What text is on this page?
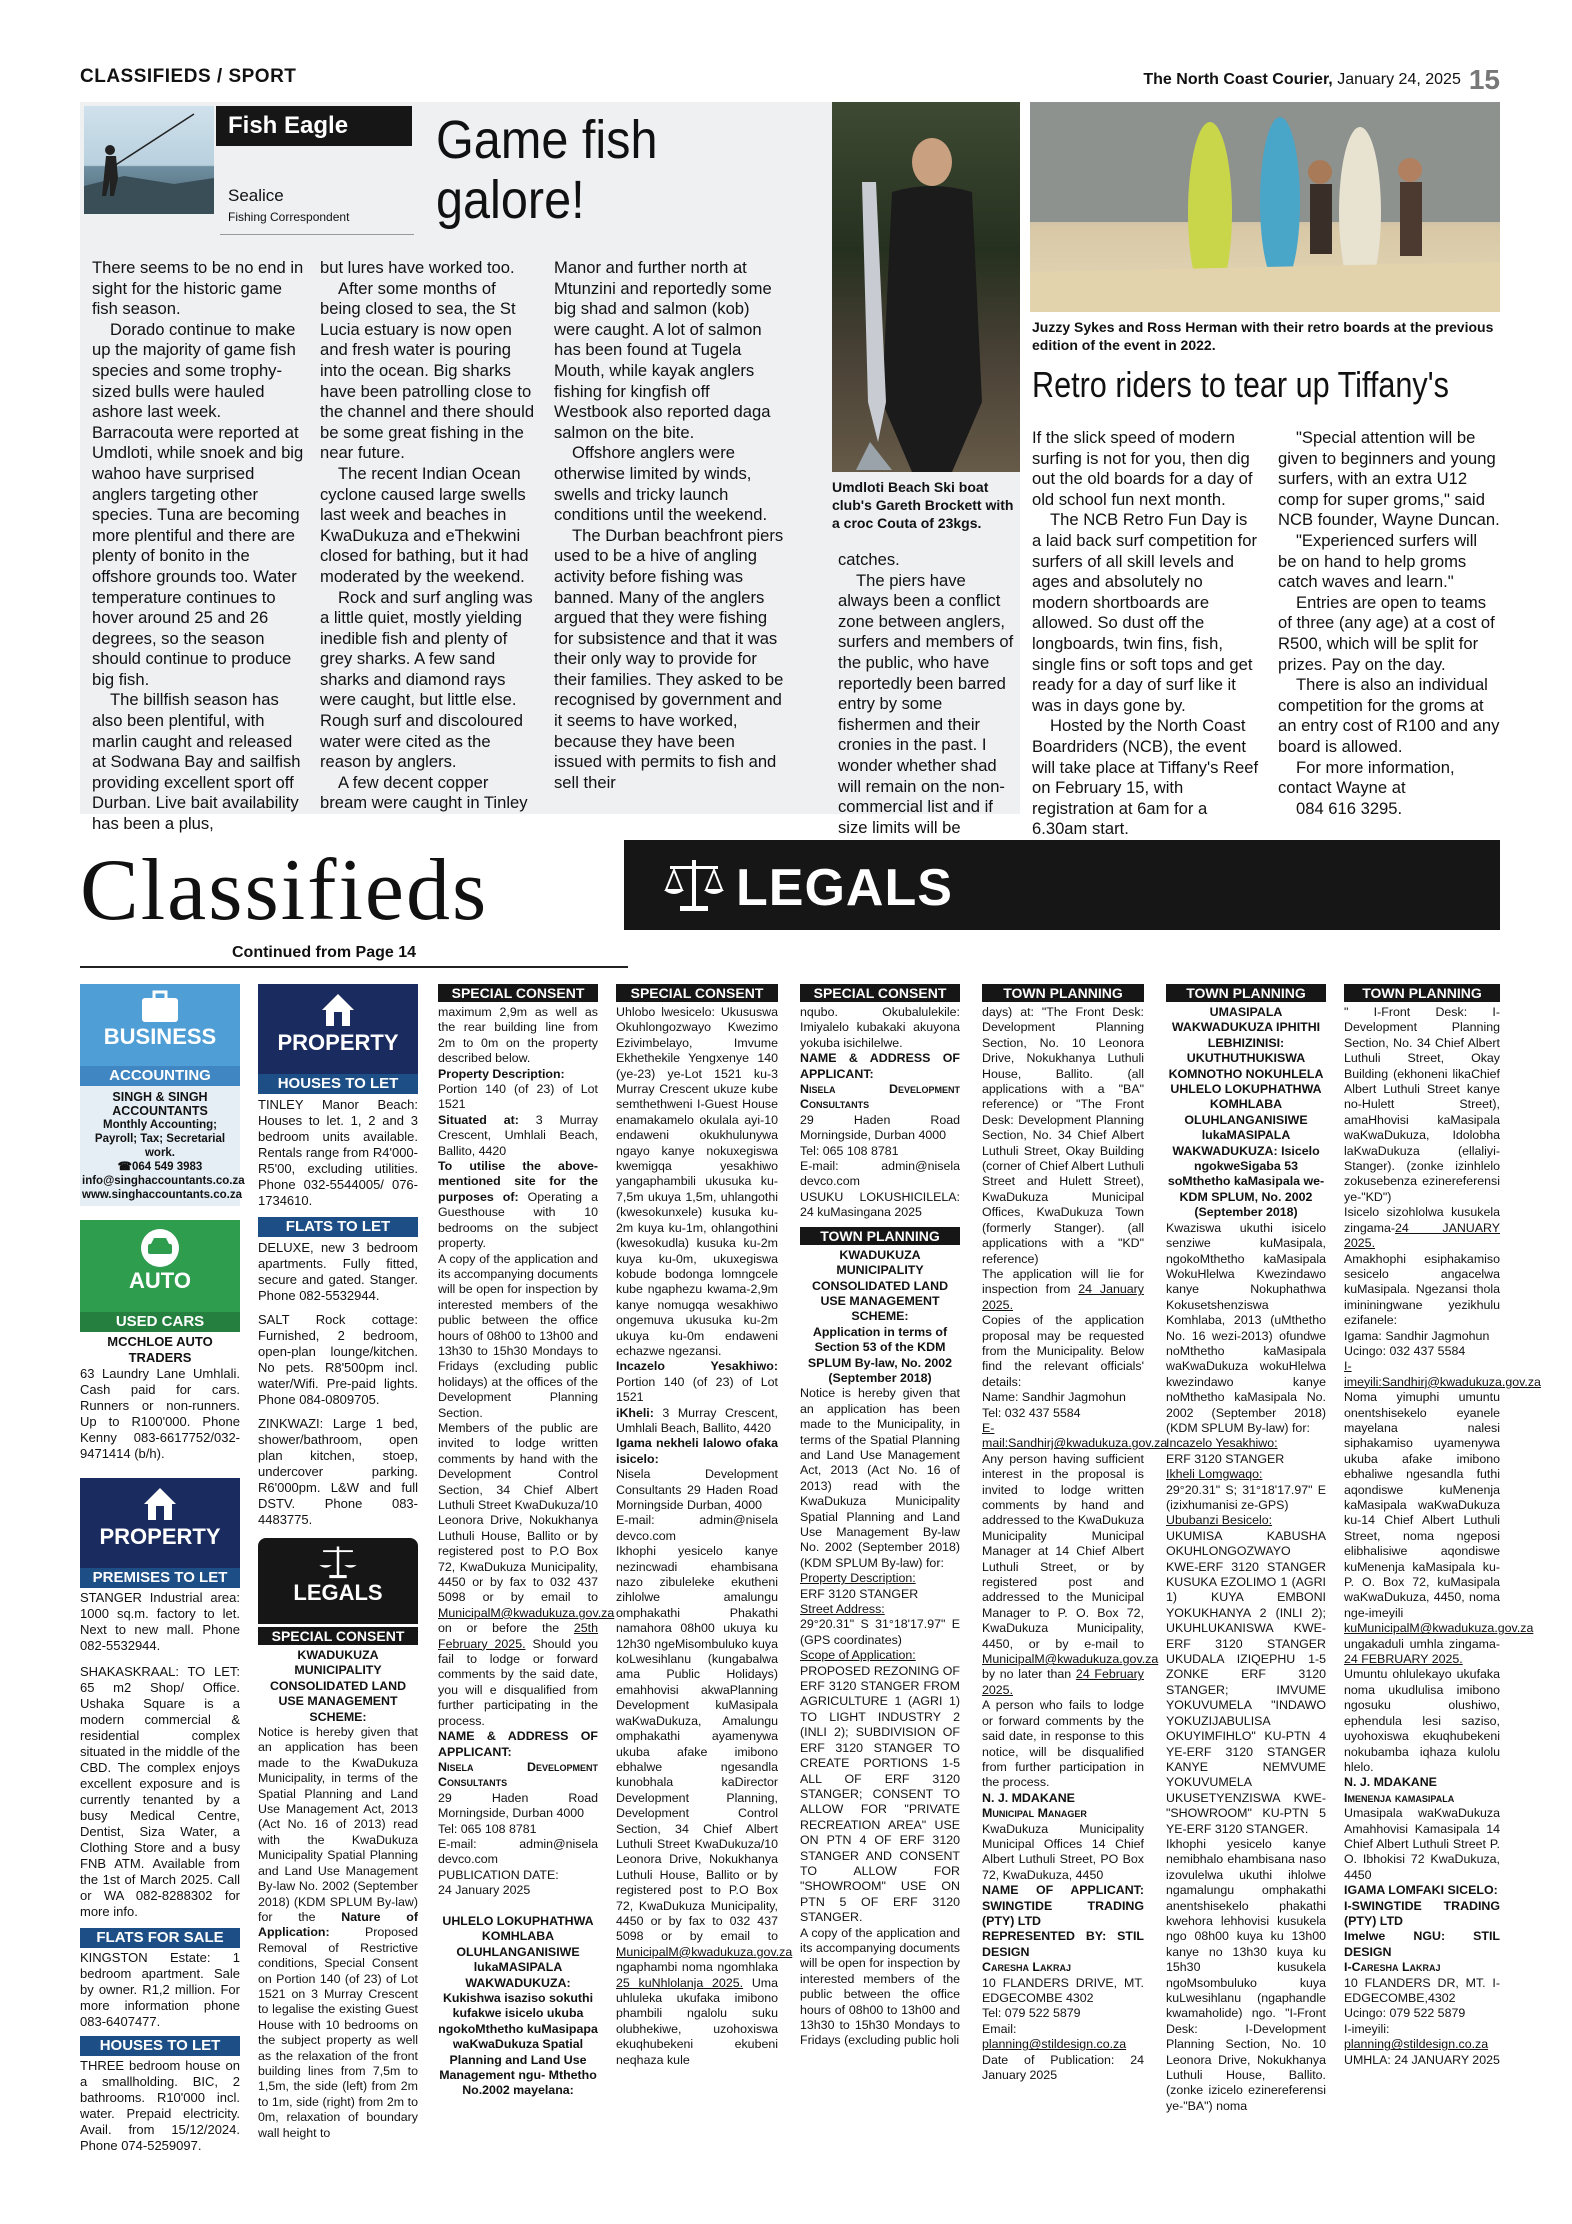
CLASSIFIEDS / SPORT	The North Coast Courier, January 24, 2025 15
Fish Eagle
Sealice
Fishing Correspondent
Game fish
galore!

There seems to be no end in sight for the historic game fish season.

Dorado continue to make up the majority of game fish species and some trophy-sized bulls were hauled ashore last week. Barracouta were reported at Umdloti, while snoek and big wahoo have surprised anglers targeting other species. Tuna are becoming more plentiful and there are plenty of bonito in the offshore grounds too. Water temperature continues to hover around 25 and 26 degrees, so the season should continue to produce big fish.

The billfish season has also been plentiful, with marlin caught and released at Sodwana Bay and sailfish providing excellent sport off Durban. Live bait availability has been a plus,

but lures have worked too.

After some months of being closed to sea, the St Lucia estuary is now open and fresh water is pouring into the ocean. Big sharks have been patrolling close to the channel and there should be some great fishing in the near future.

The recent Indian Ocean cyclone caused large swells last week and beaches in KwaDukuza and eThekwini closed for bathing, but it had moderated by the weekend.

Rock and surf angling was a little quiet, mostly yielding inedible fish and plenty of grey sharks. A few sand sharks and diamond rays were caught, but little else. Rough surf and discoloured water were cited as the reason by anglers.

A few decent copper bream were caught in Tinley

Manor and further north at Mtunzini and reportedly some big shad and salmon (kob) were caught. A lot of salmon has been found at Tugela Mouth, while kayak anglers fishing for kingfish off Westbook also reported daga salmon on the bite.

Offshore anglers were otherwise limited by winds, swells and tricky launch conditions until the weekend.

The Durban beachfront piers used to be a hive of angling activity before fishing was banned. Many of the anglers argued that they were fishing for subsistence and that it was their only way to provide for their families. They asked to be recognised by government and it seems to have worked, because they have been issued with permits to fish and sell their

Umdloti Beach Ski boat club's Gareth Brockett with a croc Couta of 23kgs.

catches.

The piers have always been a conflict zone between anglers, surfers and members of the public, who have reportedly been barred entry by some fishermen and their cronies in the past. I wonder whether shad will remain on the non-commercial list and if size limits will be

Juzzy Sykes and Ross Herman with their retro boards at the previous edition of the event in 2022.
Retro riders to tear up Tiffany's

If the slick speed of modern surfing is not for you, then dig out the old boards for a day of old school fun next month.

The NCB Retro Fun Day is a laid back surf competition for surfers of all skill levels and ages and absolutely no modern shortboards are allowed. So dust off the longboards, twin fins, fish, single fins or soft tops and get ready for a day of surf like it was in days gone by.

Hosted by the North Coast Boardriders (NCB), the event will take place at Tiffany's Reef on February 15, with registration at 6am for a 6.30am start.

"Special attention will be given to beginners and young surfers, with an extra U12 comp for super groms," said NCB founder, Wayne Duncan.

"Experienced surfers will be on hand to help groms catch waves and learn."

Entries are open to teams of three (any age) at a cost of R500, which will be split for prizes. Pay on the day.

There is also an individual competition for the groms at an entry cost of R100 and any board is allowed.

For more information, contact Wayne at

084 616 3295.

Classifieds
Continued from Page 14
LEGALS
BUSINESS
ACCOUNTING
SINGH & SINGH ACCOUNTANTS
Monthly Accounting; Payroll; Tax; Secretarial work.
☎064 549 3983
info@singhaccountants.co.za
www.singhaccountants.co.za
AUTO
USED CARS
MCCHLOE AUTO TRADERS
63 Laundry Lane Umhlali. Cash paid for cars. Runners or non-runners. Up to R100'000. Phone Kenny 083-6617752/032-9471414 (b/h).
PROPERTY
PREMISES TO LET

STANGER Industrial area: 1000 sq.m. factory to let. Next to new mall. Phone 082-5532944.

SHAKASKRAAL: TO LET: 65 m2 Shop/ Office. Ushaka Square is a modern commercial & residential complex situated in the middle of the CBD. The complex enjoys excellent exposure and is currently tenanted by a busy Medical Centre, Dentist, Siza Water, a Clothing Store and a busy FNB ATM. Available from the 1st of March 2025. Call or WA 082-8288302 for more info.

FLATS FOR SALE
KINGSTON Estate: 1 bedroom apartment. Sale by owner. R1,2 million. For more information phone 083-6407477.
HOUSES TO LET
THREE bedroom house on a smallholding. BIC, 2 bathrooms. R10'000 incl. water. Prepaid electricity. Avail. from 15/12/2024. Phone 074-5259097.
PROPERTY
HOUSES TO LET
TINLEY Manor Beach: Houses to let. 1, 2 and 3 bedroom units available. Rentals range from R4'000-R5'00, excluding utilities. Phone 032-5544005/ 076-1734610.
FLATS TO LET
DELUXE, new 3 bedroom apartments. Fully fitted, secure and gated. Stanger. Phone 082-5532944.
SALT Rock cottage: Furnished, 2 bedroom, open-plan lounge/kitchen. No pets. R8'500pm incl. water/Wifi. Pre-paid lights. Phone 084-0809705.
ZINKWAZI: Large 1 bed, shower/bathroom, open plan kitchen, stoep, undercover parking. R6'000pm. L&W and full DSTV. Phone 083-4483775.
LEGALS
SPECIAL CONSENT
KWADUKUZA MUNICIPALITY CONSOLIDATED LAND USE MANAGEMENT SCHEME:
Notice is hereby given that an application has been made to the KwaDukuza Municipality, in terms of the Spatial Planning and Land Use Management Act, 2013 (Act No. 16 of 2013) read with the KwaDukuza Municipality Spatial Planning and Land Use Management By-law No. 2002 (September 2018) (KDM SPLUM By-law) for the Nature of Application:	Proposed Removal of Restrictive conditions, Special Consent on Portion 140 (of 23) of Lot 1521 on 3 Murray Crescent to legalise the existing Guest House with 10 bedrooms on the subject property as well as the relaxation of the front building lines from 7,5m to 1,5m, the side (left) from 2m to 1m, side (right) from 2m to 0m, relaxation of boundary wall height to
SPECIAL CONSENT
maximum 2,9m as well as the rear building line from 2m to 0m on the property described below.
Property Description:
Portion 140 (of 23) of Lot 1521
Situated at: 3 Murray Crescent, Umhlali Beach, Ballito, 4420
To utilise the above-mentioned site for the purposes of: Operating a Guesthouse with 10 bedrooms on the subject property.
A copy of the application and its accompanying documents will be open for inspection by interested members of the public between the office hours of 08h00 to 13h00 and 13h30 to 15h30 Mondays to Fridays (excluding public holidays) at the offices of the Development Planning Section.
Members of the public are invited to lodge written comments by hand with the Development Control Section, 34 Chief Albert Luthuli Street KwaDukuza/10 Leonora Drive, Nokukhanya Luthuli House, Ballito or by registered post to P.O Box 72, KwaDukuza Municipality, 4450 or by fax to 032 437 5098 or by email to MunicipalM@kwadukuza.gov.za on or before the 25th February 2025. Should you fail to lodge or forward comments by the said date, you will e disqualified from further participating in the process.
NAME & ADDRESS OF APPLICANT:
Nisela Development Consultants
29 Haden Road Morningside, Durban 4000
Tel: 065 108 8781
E-mail: admin@nisela devco.com
PUBLICATION DATE:
24 January 2025

UHLELO LOKUPHATHWA KOMHLABA OLUHLANGANISIWE lukaMASIPALA WAKWADUKUZA: Kukishwa isaziso sokuthi kufakwe isicelo ukuba ngokoMthetho kuMasipapa waKwaDukuza Spatial Planning and Land Use Management ngu- Mthetho No.2002 mayelana:
SPECIAL CONSENT
Uhlobo lwesicelo: Ukususwa Okuhlongozwayo Kwezimo Ezivimbelayo, Imvume Ekhethekile Yengxenye 140 (ye-23) ye-Lot 1521 ku-3 Murray Crescent ukuze kube semthethweni I-Guest House enamakamelo okulala ayi-10 endaweni okukhulunywa ngayo kanye nokuxegiswa kwemigqa yesakhiwo yangaphambili ukusuka ku-7,5m ukuya 1,5m, uhlangothi (kwesokunxele) kusuka ku-2m kuya ku-1m, ohlangothini (kwesokudla) kusuka ku-2m kuya ku-0m, ukuxegiswa kobude bodonga lomngcele kube ngaphezu kwama-2,9m kanye nomugqa wesakhiwo ongemuva ukusuka ku-2m ukuya ku-0m endaweni echazwe ngezansi.
Incazelo Yesakhiwo: Portion 140 (of 23) of Lot 1521
iKheli: 3 Murray Crescent, Umhlali Beach, Ballito, 4420
Igama nekheli lalowo ofaka isicelo:
Nisela Development Consultants 29 Haden Road Morningside Durban, 4000
E-mail: admin@nisela devco.com
Ikhophi yesicelo kanye nezincwadi ehambisana nazo zibuleleke ekutheni zihlolwe amalungu omphakathi Phakathi namahora 08h00 ukuya ku 12h30 ngeMisombuluko kuya koLwesihlanu (kungabalwa ama Public Holidays) emahhovisi akwaPlanning Development kuMasipala waKwaDukuza, Amalungu omphakathi ayamenywa ukuba afake imibono ebhalwe ngesandla kunobhala kaDirector Development Planning, Development Control Section, 34 Chief Albert Luthuli Street KwaDukuza/10 Leonora Drive, Nokukhanya Luthuli House, Ballito or by registered post to P.O Box 72, KwaDukuza Municipality, 4450 or by fax to 032 437 5098 or by email to MunicipalM@kwadukuza.gov.za ngaphambi noma ngomhlaka 25 kuNhlolanja 2025. Uma uhluleka ukufaka imibono phambili ngalolu suku olubhekiwe, uzohoxiswa ekuqhubekeni ekubeni neqhaza kule
SPECIAL CONSENT
nqubo. Okubalulekile: Imiyalelo kubakaki akuyona yokuba isichilelwe.
NAME & ADDRESS OF APPLICANT:
Nisela Development Consultants
29 Haden Road Morningside, Durban 4000
Tel: 065 108 8781
E-mail: admin@nisela devco.com
USUKU LOKUSHICILELA: 24 kuMasingana 2025
TOWN PLANNING
KWADUKUZA MUNICIPALITY CONSOLIDATED LAND USE MANAGEMENT SCHEME:
Application in terms of Section 53 of the KDM SPLUM By-law, No. 2002 (September 2018)
Notice is hereby given that an application has been made to the Municipality, in terms of the Spatial Planning and Land Use Management Act, 2013 (Act No. 16 of 2013) read with the KwaDukuza Municipality Spatial Planning and Land Use Management By-law No. 2002 (September 2018) (KDM SPLUM By-law) for:
Property Description:
ERF 3120 STANGER
Street Address:
29°20.31" S 31°18'17.97" E (GPS coordinates)
Scope of Application:
PROPOSED REZONING OF ERF 3120 STANGER FROM AGRICULTURE 1 (AGRI 1) TO LIGHT INDUSTRY 2 (INLI 2); SUBDIVISION OF ERF 3120 STANGER TO CREATE PORTIONS 1-5 ALL OF ERF 3120 STANGER; CONSENT TO ALLOW FOR "PRIVATE RECREATION AREA" USE ON PTN 4 OF ERF 3120 STANGER AND CONSENT TO ALLOW FOR "SHOWROOM" USE ON PTN 5 OF ERF 3120 STANGER.
A copy of the application and its accompanying documents will be open for inspection by interested members of the public between the office hours of 08h00 to 13h00 and 13h30 to 15h30 Mondays to Fridays (excluding public holi
TOWN PLANNING
days) at: "The Front Desk: Development Planning Section, No. 10 Leonora Drive, Nokukhanya Luthuli House, Ballito. (all applications with a "BA" reference) or "The Front Desk: Development Planning Section, No. 34 Chief Albert Luthuli Street, Okay Building (corner of Chief Albert Luthuli Street and Hulett Street), KwaDukuza Municipal Offices, KwaDukuza Town (formerly Stanger). (all applications with a "KD" reference)
The application will lie for inspection from 24 January 2025.
Copies of the application proposal may be requested from the Municipality. Below find the relevant officials' details:
Name: Sandhir Jagmohun
Tel: 032 437 5584
E-mail:Sandhirj@kwadukuza.gov.za
Any person having sufficient interest in the proposal is invited to lodge written comments by hand and addressed to the KwaDukuza Municipality Municipal Manager at 14 Chief Albert Luthuli Street, or by registered post and addressed to the Municipal Manager to P. O. Box 72, KwaDukuza Municipality, 4450, or by e-mail to MunicipalM@kwadukuza.gov.za by no later than 24 February 2025.
A person who fails to lodge or forward comments by the said date, in response to this notice, will be disqualified from further participation in the process.
N. J. MDAKANE
Municipal Manager
KwaDukuza Municipality Municipal Offices 14 Chief Albert Luthuli Street, PO Box 72, KwaDukuza, 4450
NAME OF APPLICANT: SWINGTIDE TRADING (PTY) LTD
REPRESENTED BY: STIL DESIGN
Caresha Lakraj
10 FLANDERS DRIVE, MT. EDGECOMBE 4302
Tel: 079 522 5879
Email:
planning@stildesign.co.za
Date of Publication: 24 January 2025
TOWN PLANNING
UMASIPALA WAKWADUKUZA IPHITHI LEBHIZINISI: UKUTHUTHUKISWA KOMNOTHO NOKUHLELA UHLELO LOKUPHATHWA KOMHLABA OLUHLANGANISIWE lukaMASIPALA WAKWADUKUZA: Isicelo ngokweSigaba 53 soMthetho kaMasipala we-KDM SPLUM, No. 2002 (September 2018)
Kwaziswa ukuthi isicelo senziwe kuMasipala, ngokoMthetho kaMasipala WokuHlelwa Kwezindawo kanye Nokuphathwa Kokusetshenziswa Komhlaba, 2013 (uMthetho No. 16 wezi-2013) ofundwe noMthetho kaMasipala waKwaDukuza wokuHlelwa kwezindawo kanye noMthetho kaMasipala No. 2002 (September 2018) (KDM SPLUM By-law) for:
Incazelo Yesakhiwo:
ERF 3120 STANGER
Ikheli Lomgwaqo:
29°20.31" S; 31°18'17.97" E (izixhumanisi ze-GPS)
Ububanzi Besicelo:
UKUMISA KABUSHA OKUHLONGOZWAYO KWE-ERF 3120 STANGER KUSUKA EZOLIMO 1 (AGRI 1) KUYA EMBONI YOKUKHANYA 2 (INLI 2); UKUHLUKANISWA KWE-ERF 3120 STANGER UKUDALA IZIQEPHU 1-5 ZONKE ERF 3120 STANGER; IMVUME YOKUVUMELA "INDAWO YOKUZIJABULISA OKUYIMFIHLO" KU-PTN 4 YE-ERF 3120 STANGER KANYE NEMVUME YOKUVUMELA UKUSETYENZISWA KWE-"SHOWROOM" KU-PTN 5 YE-ERF 3120 STANGER.
Ikhophi yesicelo kanye nemibhalo ehambisana naso izovulelwa ukuthi ihlolwe ngamalungu omphakathi anentshisekelo phakathi kwehora lehhovisi kusukela ngo 08h00 kuya ku 13h00 kanye no 13h30 kuya ku 15h30 kusukela ngoMsombuluko kuya kuLwesihlanu (ngaphandle kwamaholide) ngo. "I-Front Desk: I-Development Planning Section, No. 10 Leonora Drive, Nokukhanya Luthuli House, Ballito. (zonke izicelo ezinereferensi ye-"BA") noma
TOWN PLANNING
" I-Front Desk: I-Development Planning Section, No. 34 Chief Albert Luthuli Street, Okay Building (ekhoneni likaChief Albert Luthuli Street kanye no-Hulett Street), amaHhovisi kaMasipala waKwaDukuza, Idolobha laKwaDukuza (ellaliyi-Stanger). (zonke izinhlelo zokusebenza ezinereferensi ye-"KD")
Isicelo sizohlolwa kusukela zingama-24 JANUARY 2025.
Amakhophi esiphakamiso sesicelo angacelwa kuMasipala. Ngezansi thola imininingwane yezikhulu ezifanele:
Igama: Sandhir Jagmohun
Ucingo: 032 437 5584
I-imeyili:Sandhirj@kwadukuza.gov.za
Noma yimuphi umuntu onentshisekelo eyanele mayelana nalesi siphakamiso uyamenywa ukuba afake imibono ebhaliwe ngesandla futhi aqondiswe kuMenenja kaMasipala waKwaDukuza ku-14 Chief Albert Luthuli Street, noma ngeposi elibhalisiwe aqondiswe kuMenenja kaMasipala ku-P. O. Box 72, kuMasipala waKwaDukuza, 4450, noma nge-imeyili kuMunicipalM@kwadukuza.gov.za ungakaduli umhla zingama-24 FEBRUARY 2025.
Umuntu ohlulekayo ukufaka noma ukudlulisa imibono ngosuku olushiwo, ephendula lesi saziso, uyohoxiswa ekuqhubekeni nokubamba iqhaza kulolu hlelo.
N. J. MDAKANE
Imenenja kamasipala
Umasipala waKwaDukuza Amahhovisi Kamasipala 14 Chief Albert Luthuli Street P. O. Ibhokisi 72 KwaDukuza, 4450
IGAMA LOMFAKI SICELO:
I-SWINGTIDE TRADING (PTY) LTD
Imelwe NGU: STIL DESIGN
I-Caresha Lakraj
10 FLANDERS DR, MT. I-EDGECOMBE,4302
Ucingo: 079 522 5879
I-imeyili:
planning@stildesign.co.za
UMHLA: 24 JANUARY 2025
